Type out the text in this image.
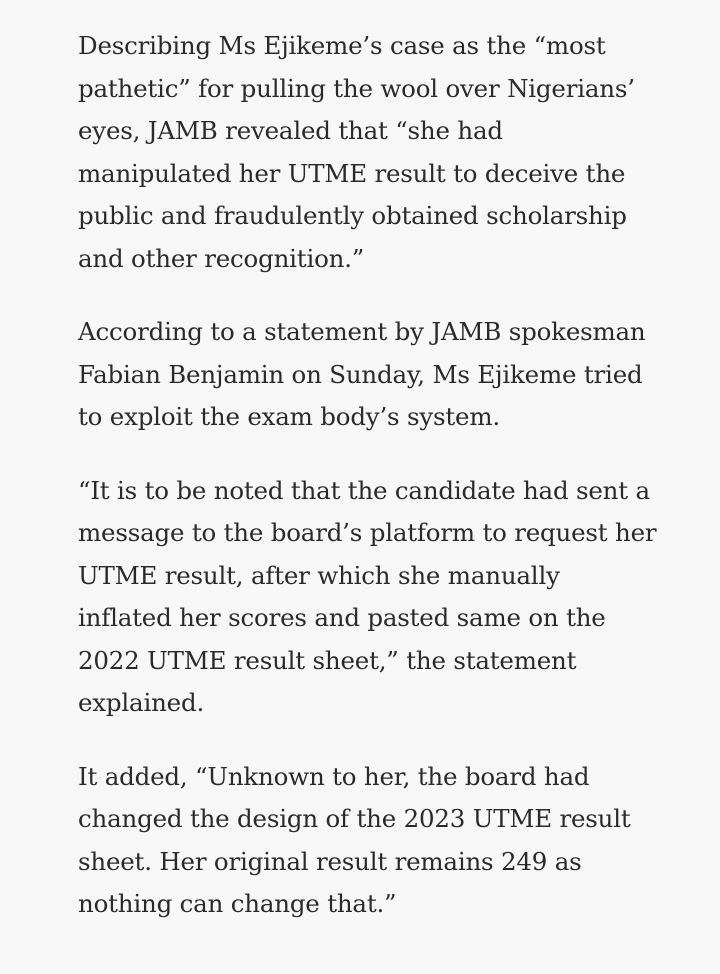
Describing Ms Ejikeme’s case as the “most
pathetic” for pulling the wool over Nigerians’
eyes, JAMB revealed that “she had
manipulated her UTME result to deceive the
public and fraudulently obtained scholarship
and other recognition.”

According to a statement by JAMB spokesman
Fabian Benjamin on Sunday, Ms Ejikeme tried
to exploit the exam body’s system.

“It is to be noted that the candidate had sent a
message to the board’s platform to request her
UTME result, after which she manually
inflated her scores and pasted same on the
2022 UTME result sheet,” the statement
explained.

It added, “Unknown to her, the board had
changed the design of the 2023 UTME result
sheet. Her original result remains 249 as
nothing can change that.”
